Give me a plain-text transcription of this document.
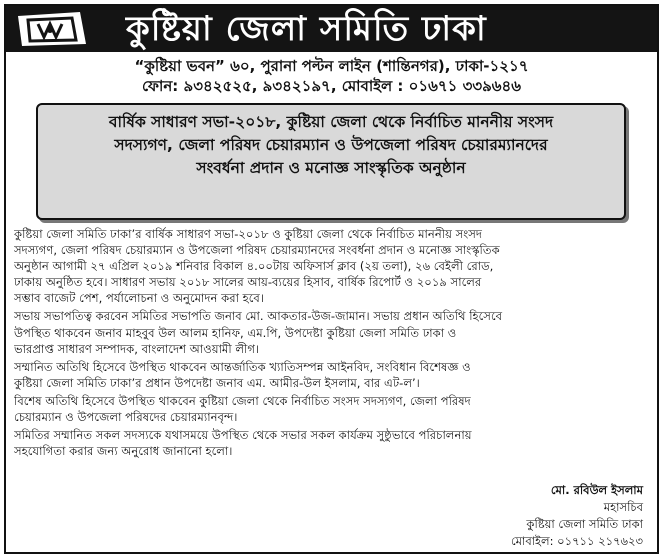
কুষ্টিয়া জেলা সমিতি ঢাকা
“কুষ্টিয়া ভবন” ৬০, পুরানা পল্টন লাইন (শান্তিনগর), ঢাকা-১২১৭
ফোন: ৯৩৪২৫২৫, ৯৩৪২১৯৭, মোবাইল : ০১৬৭১ ৩৩৯৬৪৬
বার্ষিক সাধারণ সভা-২০১৮, কুষ্টিয়া জেলা থেকে নির্বাচিত মাননীয় সংসদ
সদস্যগণ, জেলা পরিষদ চেয়ারম্যান ও উপজেলা পরিষদ চেয়ারম্যানদের
সংবর্ধনা প্রদান ও মনোজ্ঞ সাংস্কৃতিক অনুষ্ঠান
কুষ্টিয়া জেলা সমিতি ঢাকা’র বার্ষিক সাধারণ সভা-২০১৮ ও কুষ্টিয়া জেলা থেকে নির্বাচিত মাননীয় সংসদ
সদস্যগণ, জেলা পরিষদ চেয়ারম্যান ও উপজেলা পরিষদ চেয়ারম্যানদের সংবর্ধনা প্রদান ও মনোজ্ঞ সাংস্কৃতিক
অনুষ্ঠান আগামী ২৭ এপ্রিল ২০১৯ শনিবার বিকাল ৪.০০টায় অফিসার্স ক্লাব (২য় তলা), ২৬ বেইলী রোড,
ঢাকায় অনুষ্ঠিত হবে। সাধারণ সভায় ২০১৮ সালের আয়-ব্যয়ের হিসাব, বার্ষিক রিপোর্ট ও ২০১৯ সালের
সম্ভাব বাজেট পেশ, পর্যালোচনা ও অনুমোদন করা হবে।
সভায় সভাপতিত্ব করবেন সমিতির সভাপতি জনাব মো. আকতার-উজ-জামান। সভায় প্রধান অতিথি হিসেবে
উপস্থিত থাকবেন জনাব মাহবুব উল আলম হানিফ, এম.পি, উপদেষ্টা কুষ্টিয়া জেলা সমিতি ঢাকা ও
ভারপ্রাপ্ত সাধারণ সম্পাদক, বাংলাদেশ আওয়ামী লীগ।
সম্মানিত অতিথি হিসেবে উপস্থিত থাকবেন আন্তর্জাতিক খ্যাতিসম্পন্ন আইনবিদ, সংবিধান বিশেষজ্ঞ ও
কুষ্টিয়া জেলা সমিতি ঢাকা’র প্রধান উপদেষ্টা জনাব এম. আমীর-উল ইসলাম, বার এট-ল’।
বিশেষ অতিথি হিসেবে উপস্থিত থাকবেন কুষ্টিয়া জেলা থেকে নির্বাচিত সংসদ সদস্যগণ, জেলা পরিষদ
চেয়ারম্যান ও উপজেলা পরিষদের চেয়ারম্যানবৃন্দ।
সমিতির সম্মানিত সকল সদস্যকে যথাসময়ে উপস্থিত থেকে সভার সকল কার্যক্রম সুষ্ঠুভাবে পরিচালনায়
সহযোগিতা করার জন্য অনুরোধ জানানো হলো।
মো. রবিউল ইসলাম
মহাসচিব
কুষ্টিয়া জেলা সমিতি ঢাকা
মোবাইল: ০১৭১১ ২১৭৬২৩
